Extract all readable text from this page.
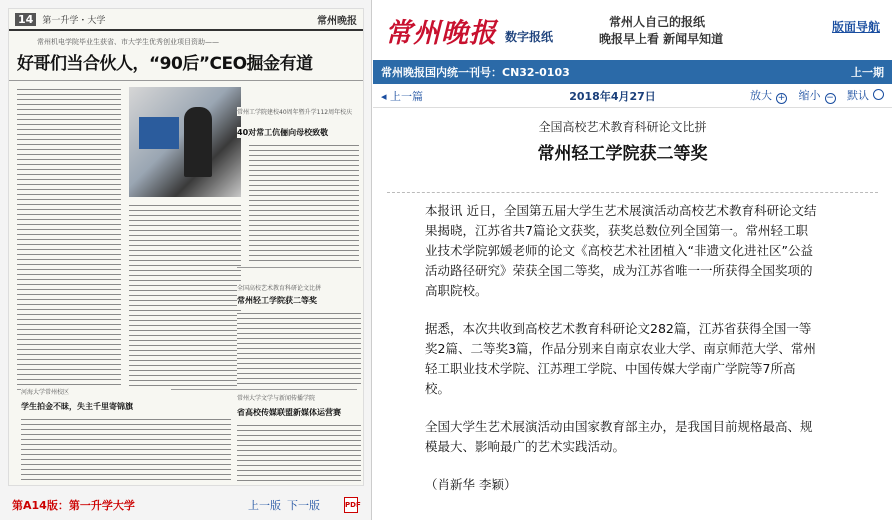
14	第一升学・大学	常州晚报
常州机电学院毕业生获省、市大学生优秀创业项目资助——
好哥们当合伙人，“90后”CEO掘金有道
常州工学院建校40周年暨升学112周年校庆
40对常工伉俪向母校致敬
全国高校艺术教育科研论文比拼
常州轻工学院获二等奖
河海大学常州校区
学生拍金不昧，失主千里寄锦旗
常州大学文学与新闻传播学院
省高校传媒联盟新媒体运营赛
第A14版：第一升学大学	上一版 下一版	PDF
常州晚报 数字报纸
常州人自己的报纸
晚报早上看 新闻早知道
版面导航
常州晚报国内统一刊号：CN32-0103	上一期
◂ 上一篇	2018年4月27日	放大 + 缩小 − 默认
全国高校艺术教育科研论文比拼
常州轻工学院获二等奖

本报讯 近日，全国第五届大学生艺术展演活动高校艺术教育科研论文结果揭晓，江苏省共7篇论文获奖，获奖总数位列全国第一。常州轻工职业技术学院郭媛老师的论文《高校艺术社团植入“非遗文化进社区”公益活动路径研究》荣获全国二等奖，成为江苏省唯一一所获得全国奖项的高职院校。

据悉，本次共收到高校艺术教育科研论文282篇，江苏省获得全国一等奖2篇、二等奖3篇，作品分别来自南京农业大学、南京师范大学、常州轻工职业技术学院、江苏理工学院、中国传媒大学南广学院等7所高校。

全国大学生艺术展演活动由国家教育部主办，是我国目前规格最高、规模最大、影响最广的艺术实践活动。

（肖新华 李颖）
